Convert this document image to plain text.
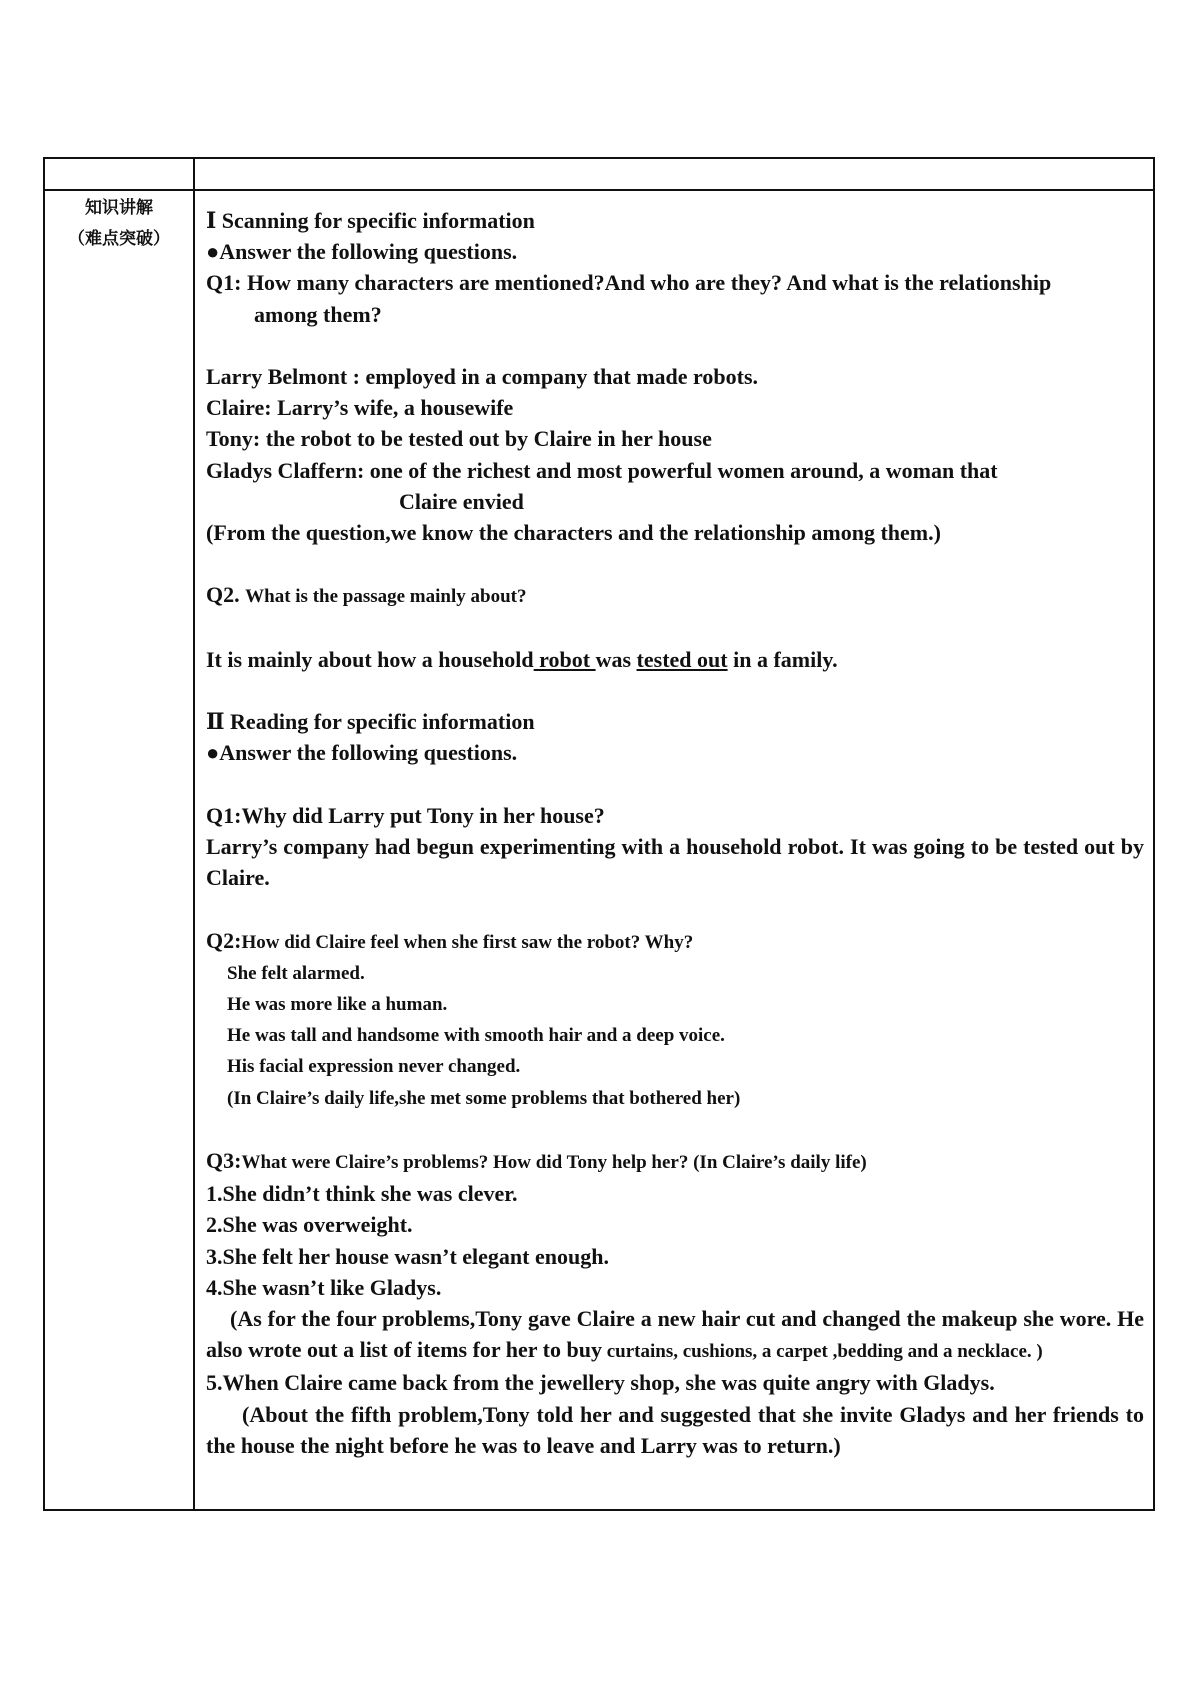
知识讲解
（难点突破）

Ⅰ Scanning for specific information

●Answer the following questions.

Q1: How many characters are mentioned?And who are they? And what is the relationship

among them?

Larry Belmont : employed in a company that made robots.

Claire: Larry’s wife, a housewife

Tony: the robot to be tested out by Claire in her house

Gladys Claffern: one of the richest and most powerful women around, a woman that

Claire envied

(From the question,we know the characters and the relationship among them.)

Q2. What is the passage mainly about?

It is mainly about how a household robot was tested out in a family.

Ⅱ Reading for specific information

●Answer the following questions.

Q1:Why did Larry put Tony in her house?

Larry’s company had begun experimenting with a household robot. It was going to be tested out by Claire.

Q2:How did Claire feel when she first saw the robot? Why?

She felt alarmed.

He was more like a human.

He was tall and handsome with smooth hair and a deep voice.

His facial expression never changed.

(In Claire’s daily life,she met some problems that bothered her)

Q3:What were Claire’s problems? How did Tony help her? (In Claire’s daily life)

1.She didn’t think she was clever.

2.She was overweight.

3.She felt her house wasn’t elegant enough.

4.She wasn’t like Gladys.

(As for the four problems,Tony gave Claire a new hair cut and changed the makeup she wore. He also wrote out a list of items for her to buy curtains, cushions, a carpet ,bedding and a necklace. )

5.When Claire came back from the jewellery shop, she was quite angry with Gladys.

(About the fifth problem,Tony told her and suggested that she invite Gladys and her friends to the house the night before he was to leave and Larry was to return.)
